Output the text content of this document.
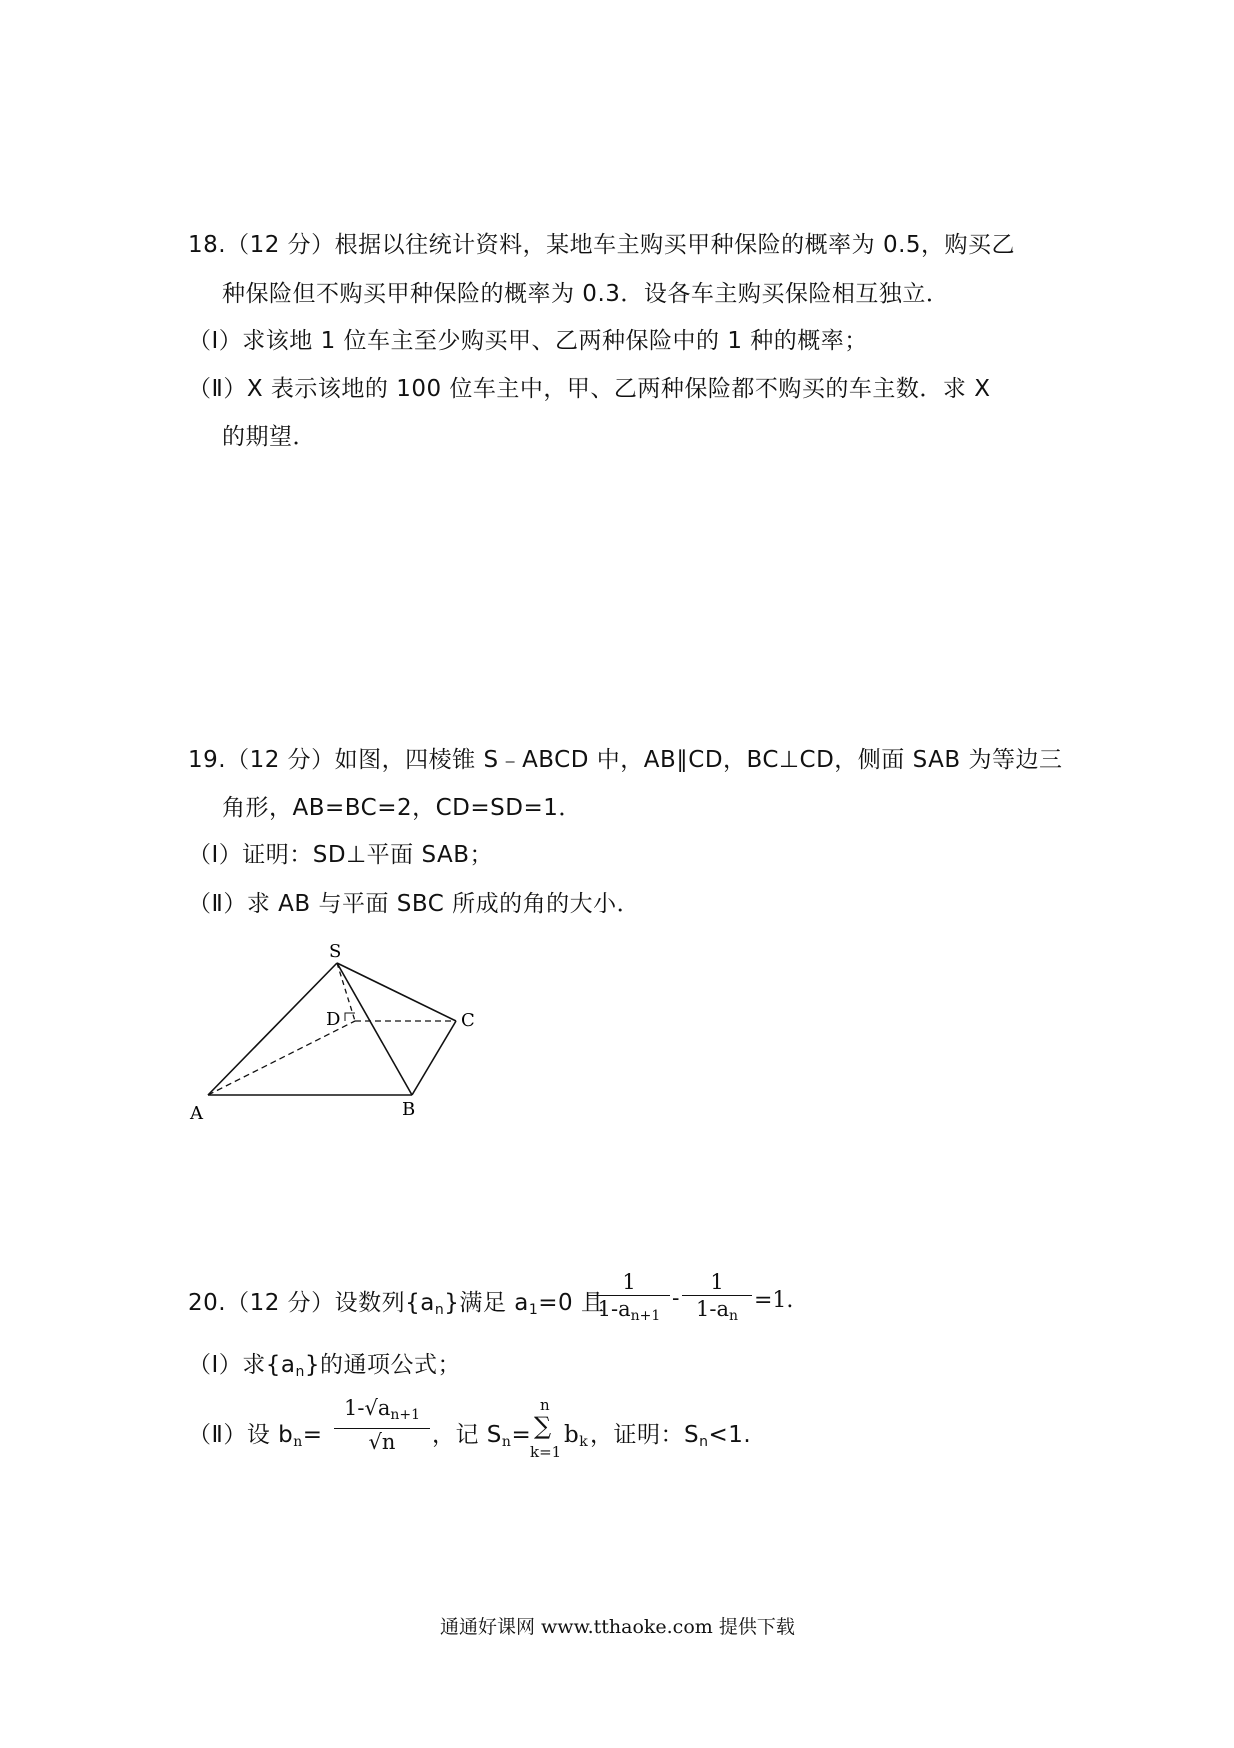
18.（12 分）根据以往统计资料，某地车主购买甲种保险的概率为 0.5，购买乙
种保险但不购买甲种保险的概率为 0.3．设各车主购买保险相互独立．
（Ⅰ）求该地 1 位车主至少购买甲、乙两种保险中的 1 种的概率；
（Ⅱ）X 表示该地的 100 位车主中，甲、乙两种保险都不购买的车主数．求 X
的期望．
19.（12 分）如图，四棱锥 S﹣ABCD 中，AB∥CD，BC⊥CD，侧面 SAB 为等边三
角形，AB=BC=2，CD=SD=1．
（Ⅰ）证明：SD⊥平面 SAB；
（Ⅱ）求 AB 与平面 SBC 所成的角的大小．
S
D	C
A	B
20.（12 分）设数列$\{a_n\}$满足 $a_1=0$ 且
1
$1-a_{n+1}$
-
1
$1-a_n$
=1.
（Ⅰ）求$\{a_n\}$的通项公式；
（Ⅱ）设 $b_n=$
$1-√a_{n+1}$
√n	，记 $S_n=$
n
∑
k=1
$b_k$ ，证明：$S_n<1$.
通通好课网 www.tthaoke.com 提供下载
